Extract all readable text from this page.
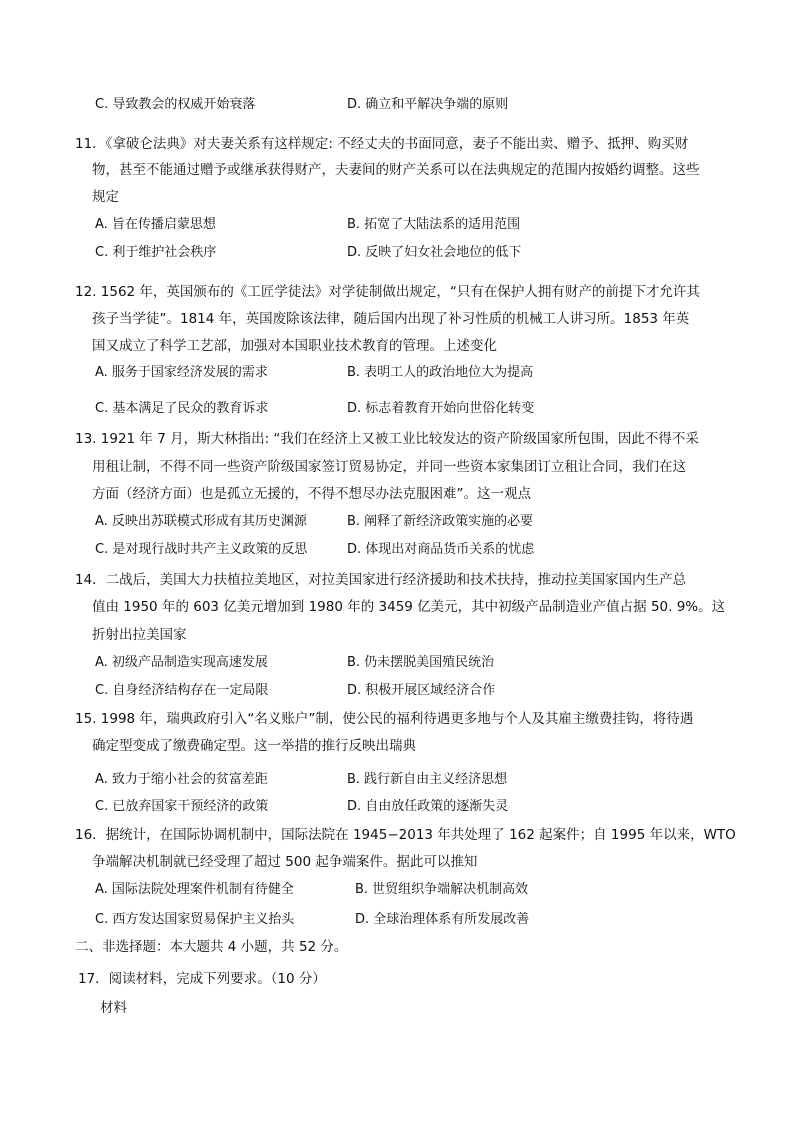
C. 导致教会的权威开始衰落	D. 确立和平解决争端的原则
11．《拿破仑法典》对夫妻关系有这样规定: 不经丈夫的书面同意，妻子不能出卖、赠予、抵押、购买财
物，甚至不能通过赠予或继承获得财产，夫妻间的财产关系可以在法典规定的范围内按婚约调整。这些
规定
A. 旨在传播启蒙思想	B. 拓宽了大陆法系的适用范围
C. 利于维护社会秩序	D. 反映了妇女社会地位的低下
12. 1562 年，英国颁布的《工匠学徒法》对学徒制做出规定，“只有在保护人拥有财产的前提下才允许其
孩子当学徒”。1814 年，英国废除该法律，随后国内出现了补习性质的机械工人讲习所。1853 年英
国又成立了科学工艺部，加强对本国职业技术教育的管理。上述变化
A. 服务于国家经济发展的需求	B. 表明工人的政治地位大为提高
C. 基本满足了民众的教育诉求	D. 标志着教育开始向世俗化转变
13. 1921 年 7 月，斯大林指出: “我们在经济上又被工业比较发达的资产阶级国家所包围，因此不得不采
用租让制，不得不同一些资产阶级国家签订贸易协定，并同一些资本家集团订立租让合同，我们在这
方面（经济方面）也是孤立无援的，不得不想尽办法克服困难”。这一观点
A. 反映出苏联模式形成有其历史渊源	B. 阐释了新经济政策实施的必要
C. 是对现行战时共产主义政策的反思	D. 体现出对商品货币关系的忧虑
14．二战后，美国大力扶植拉美地区，对拉美国家进行经济援助和技术扶持，推动拉美国家国内生产总
值由 1950 年的 603 亿美元增加到 1980 年的 3459 亿美元，其中初级产品制造业产值占据 50. 9%。这
折射出拉美国家
A. 初级产品制造实现高速发展	B. 仍未摆脱美国殖民统治
C. 自身经济结构存在一定局限	D. 积极开展区域经济合作
15. 1998 年，瑞典政府引入“名义账户”制，使公民的福利待遇更多地与个人及其雇主缴费挂钩，将待遇
确定型变成了缴费确定型。这一举措的推行反映出瑞典
A. 致力于缩小社会的贫富差距	B. 践行新自由主义经济思想
C. 已放弃国家干预经济的政策	D. 自由放任政策的逐渐失灵
16．据统计，在国际协调机制中，国际法院在 1945−2013 年共处理了 162 起案件；自 1995 年以来，WTO
争端解决机制就已经受理了超过 500 起争端案件。据此可以推知
A. 国际法院处理案件机制有待健全	B. 世贸组织争端解决机制高效
C. 西方发达国家贸易保护主义抬头	D. 全球治理体系有所发展改善
二、非选择题：本大题共 4 小题，共 52 分。
17．阅读材料，完成下列要求。（10 分）
材料
